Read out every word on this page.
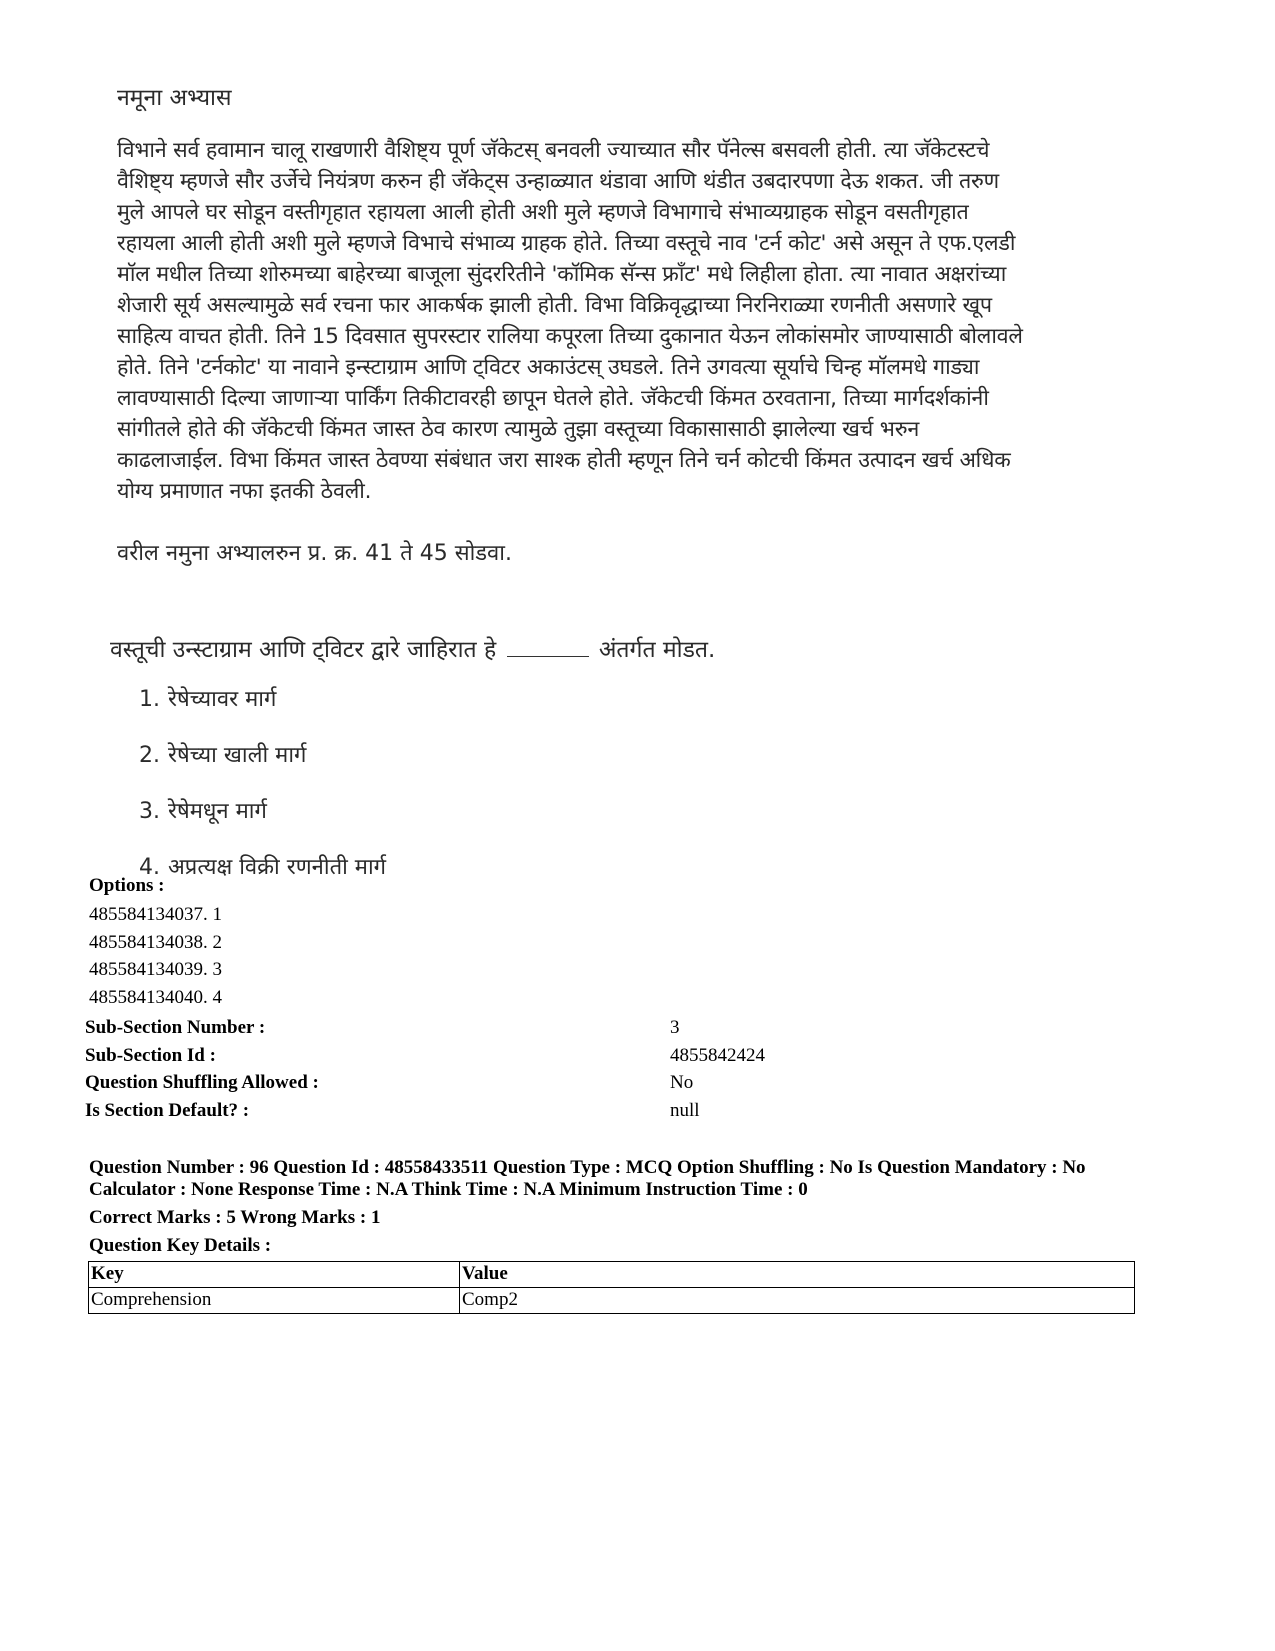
नमूना अभ्यास

विभाने सर्व हवामान चालू राखणारी वैशिष्ट्य पूर्ण जॅकेटस् बनवली ज्याच्यात सौर पॅनेल्स बसवली होती. त्या जॅकेटस्टचे

वैशिष्ट्य म्हणजे सौर उर्जेचे नियंत्रण करुन ही जॅकेट्स उन्हाळ्यात थंडावा आणि थंडीत उबदारपणा देऊ शकत. जी तरुण

मुले आपले घर सोडून वस्तीगृहात रहायला आली होती अशी मुले म्हणजे विभागाचे संभाव्यग्राहक सोडून वसतीगृहात

रहायला आली होती अशी मुले म्हणजे विभाचे संभाव्य ग्राहक होते. तिच्या वस्तूचे नाव 'टर्न कोट' असे असून ते एफ.एलडी

मॉल मधील तिच्या शोरुमच्या बाहेरच्या बाजूला सुंदररितीने 'कॉमिक सॅन्स फ्रॉंट' मधे लिहीला होता. त्या नावात अक्षरांच्या

शेजारी सूर्य असल्यामुळे सर्व रचना फार आकर्षक झाली होती. विभा विक्रिवृद्धाच्या निरनिराळ्या रणनीती असणारे खूप

साहित्य वाचत होती. तिने 15 दिवसात सुपरस्टार रालिया कपूरला तिच्या दुकानात येऊन लोकांसमोर जाण्यासाठी बोलावले

होते. तिने 'टर्नकोट' या नावाने इन्स्टाग्राम आणि ट्विटर अकाउंटस् उघडले. तिने उगवत्या सूर्याचे चिन्ह मॉलमधे गाड्या

लावण्यासाठी दिल्या जाणाऱ्या पार्किंग तिकीटावरही छापून घेतले होते. जॅकेटची किंमत ठरवताना, तिच्या मार्गदर्शकांनी

सांगीतले होते की जॅकेटची किंमत जास्त ठेव कारण त्यामुळे तुझा वस्तूच्या विकासासाठी झालेल्या खर्च भरुन

काढलाजाईल. विभा किंमत जास्त ठेवण्या संबंधात जरा साश्क होती म्हणून तिने चर्न कोटची किंमत उत्पादन खर्च अधिक

योग्य प्रमाणात नफा इतकी ठेवली.

वरील नमुना अभ्यालरुन प्र. क्र. 41 ते 45 सोडवा.
वस्तूची उन्स्टाग्राम आणि ट्विटर द्वारे जाहिरात हे	अंतर्गत मोडत.
1. रेषेच्यावर मार्ग
2. रेषेच्या खाली मार्ग
3. रेषेमधून मार्ग
4. अप्रत्यक्ष विक्री रणनीती मार्ग
Options :
485584134037. 1
485584134038. 2
485584134039. 3
485584134040. 4
Sub-Section Number :	3
Sub-Section Id :	4855842424
Question Shuffling Allowed :	No
Is Section Default? :	null
Question Number : 96 Question Id : 48558433511 Question Type : MCQ Option Shuffling : No Is Question Mandatory : No Calculator : None Response Time : N.A Think Time : N.A Minimum Instruction Time : 0
Correct Marks : 5 Wrong Marks : 1
Question Key Details :
Key	Value
Comprehension	Comp2
